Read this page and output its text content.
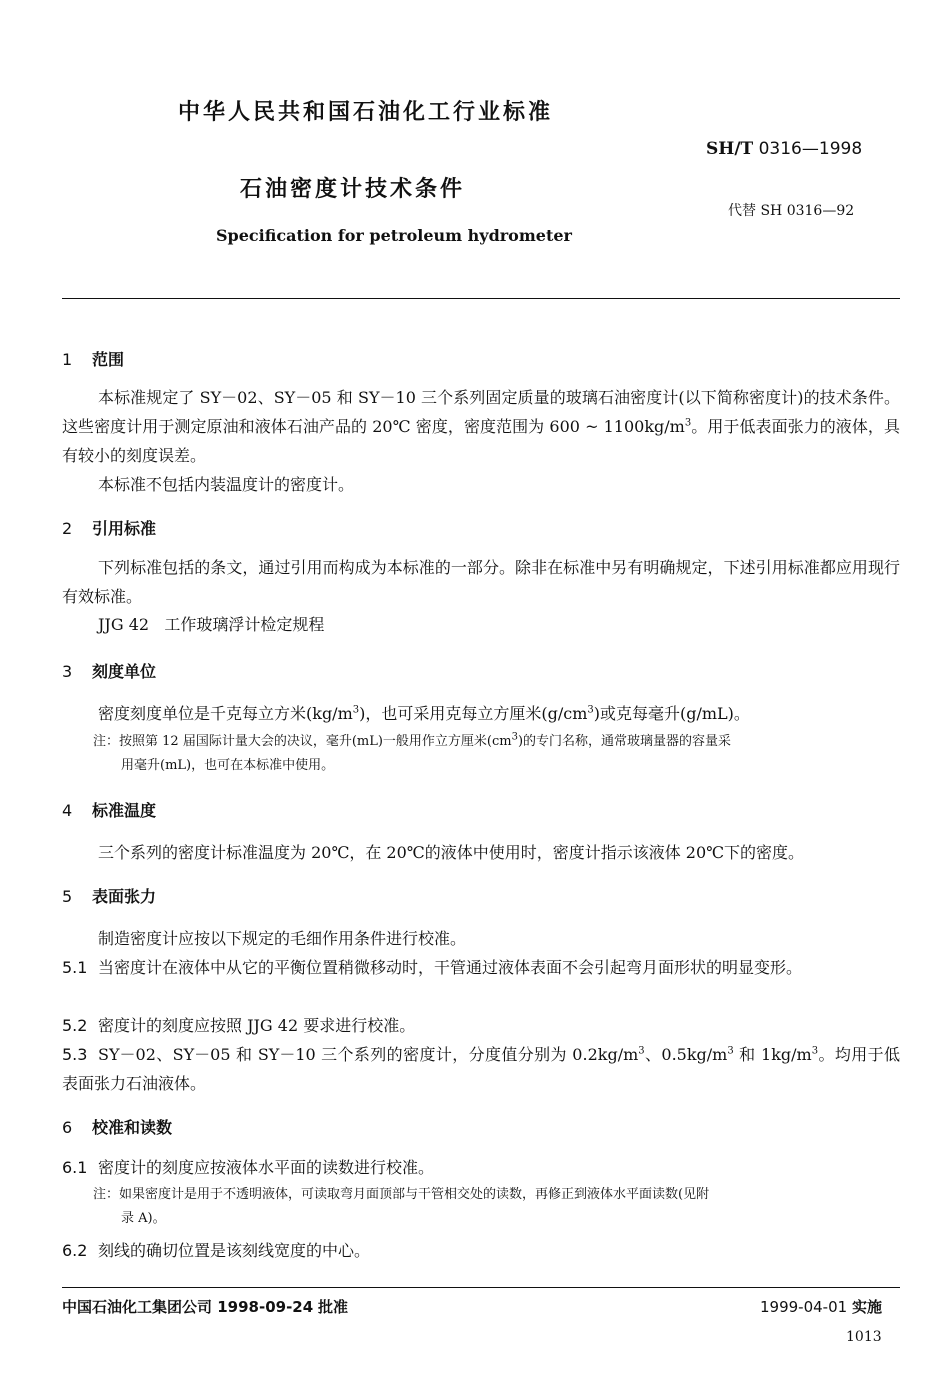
中华人民共和国石油化工行业标准
SH/T 0316—1998
石油密度计技术条件
代替 SH 0316—92
Specification for petroleum hydrometer
1 范围
本标准规定了 SY－02、SY－05 和 SY－10 三个系列固定质量的玻璃石油密度计(以下简称密度计)的技术条件。这些密度计用于测定原油和液体石油产品的 20℃ 密度，密度范围为 600 ~ $1100kg/m^3$。用于低表面张力的液体，具有较小的刻度误差。
本标准不包括内装温度计的密度计。
2 引用标准
下列标准包括的条文，通过引用而构成为本标准的一部分。除非在标准中另有明确规定，下述引用标准都应用现行有效标准。
JJG 42 工作玻璃浮计检定规程
3 刻度单位
密度刻度单位是千克每立方米$(kg/m^3)$，也可采用克每立方厘米$(g/cm^3)$或克每毫升(g/mL)。
注：按照第 12 届国际计量大会的决议，毫升(mL)一般用作立方厘米$(cm^3)$的专门名称，通常玻璃量器的容量采
用毫升(mL)，也可在本标准中使用。
4 标准温度
三个系列的密度计标准温度为 20℃，在 20℃的液体中使用时，密度计指示该液体 20℃下的密度。
5 表面张力
制造密度计应按以下规定的毛细作用条件进行校准。
5.1 当密度计在液体中从它的平衡位置稍微移动时，干管通过液体表面不会引起弯月面形状的明显变形。
5.2 密度计的刻度应按照 JJG 42 要求进行校准。
5.3 SY－02、SY－05 和 SY－10 三个系列的密度计，分度值分别为 $0.2kg/m^3$、$0.5kg/m^3$ 和 $1kg/m^3$。均用于低表面张力石油液体。
6 校准和读数
6.1 密度计的刻度应按液体水平面的读数进行校准。
注：如果密度计是用于不透明液体，可读取弯月面顶部与干管相交处的读数，再修正到液体水平面读数(见附
录 A)。
6.2 刻线的确切位置是该刻线宽度的中心。
中国石油化工集团公司 1998-09-24 批准	1999-04-01 实施
1013
